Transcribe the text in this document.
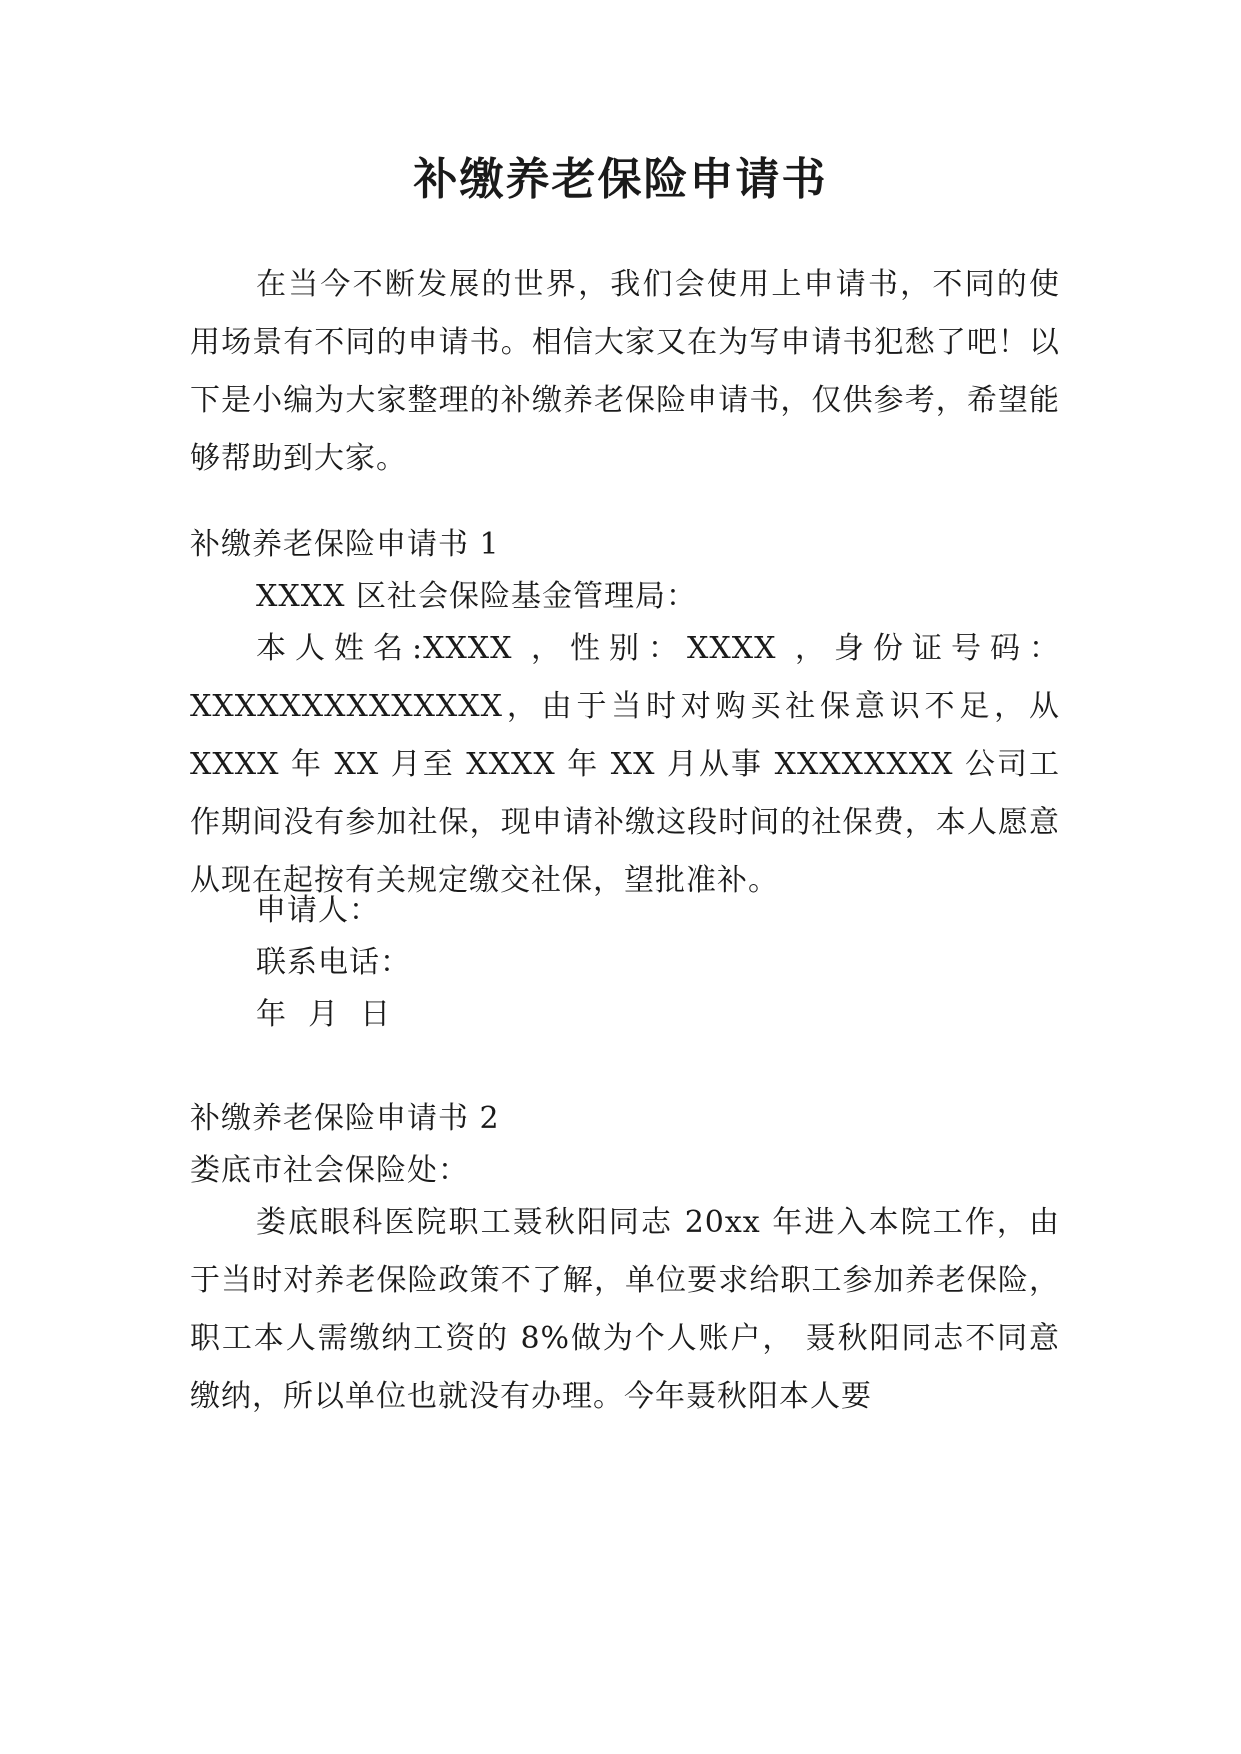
补缴养老保险申请书
在当今不断发展的世界，我们会使用上申请书，不同的使用场景有不同的申请书。相信大家又在为写申请书犯愁了吧！以下是小编为大家整理的补缴养老保险申请书，仅供参考，希望能够帮助到大家。
补缴养老保险申请书 1
XXXX 区社会保险基金管理局：
本人姓名:XXXX ，性别：XXXX ，身份证号码：XXXXXXXXXXXXXX，由于当时对购买社保意识不足，从 XXXX 年 XX 月至 XXXX 年 XX 月从事 XXXXXXXX 公司工作期间没有参加社保，现申请补缴这段时间的社保费，本人愿意从现在起按有关规定缴交社保，望批准补。
申请人：
联系电话：
年  月  日
补缴养老保险申请书 2
娄底市社会保险处：
娄底眼科医院职工聂秋阳同志 20xx 年进入本院工作，由于当时对养老保险政策不了解，单位要求给职工参加养老保险，职工本人需缴纳工资的 8%做为个人账户， 聂秋阳同志不同意缴纳，所以单位也就没有办理。今年聂秋阳本人要
